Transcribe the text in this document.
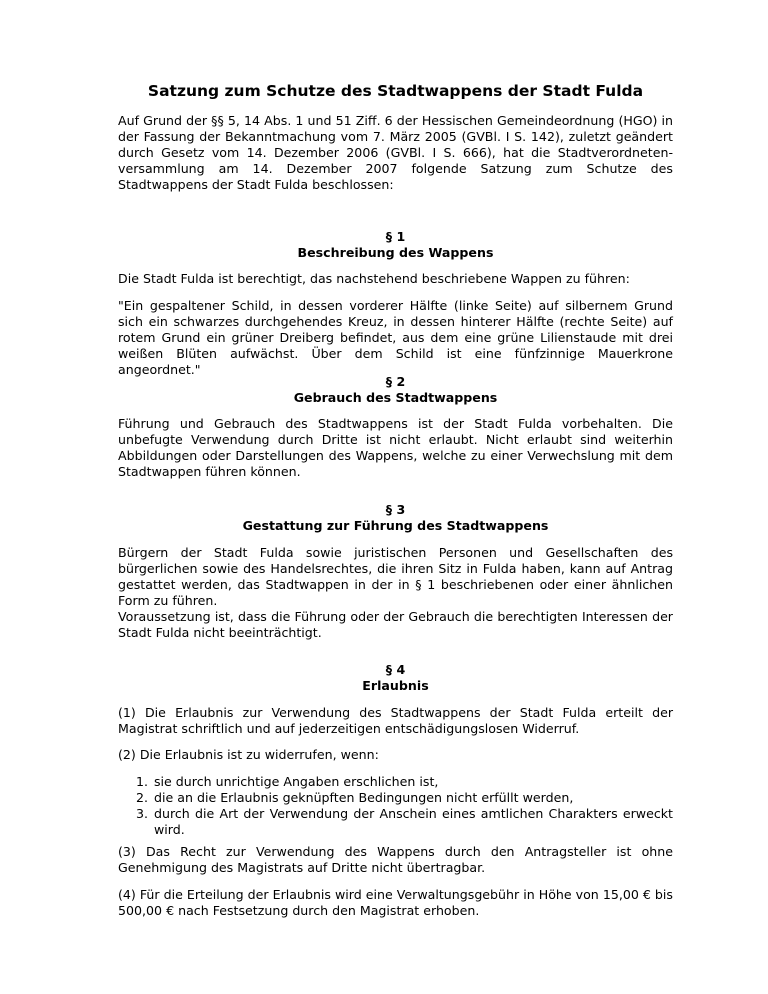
Satzung zum Schutze des Stadtwappens der Stadt Fulda

Auf Grund der §§ 5, 14 Abs. 1 und 51 Ziff. 6 der Hessischen Gemeindeordnung (HGO) in der Fassung der Bekanntmachung vom 7. März 2005 (GVBl. I S. 142), zuletzt geändert durch Gesetz vom 14. Dezember 2006 (GVBl. I S. 666), hat die Stadtverordnetenversammlung am 14. Dezember 2007 folgende Satzung zum Schutze des Stadtwappens der Stadt Fulda beschlossen:

§ 1
Beschreibung des Wappens

Die Stadt Fulda ist berechtigt, das nachstehend beschriebene Wappen zu führen:

"Ein gespaltener Schild, in dessen vorderer Hälfte (linke Seite) auf silbernem Grund sich ein schwarzes durchgehendes Kreuz, in dessen hinterer Hälfte (rechte Seite) auf rotem Grund ein grüner Dreiberg befindet, aus dem eine grüne Lilienstaude mit drei weißen Blüten aufwächst. Über dem Schild ist eine fünfzinnige Mauerkrone angeordnet."

§ 2
Gebrauch des Stadtwappens

Führung und Gebrauch des Stadtwappens ist der Stadt Fulda vorbehalten. Die unbefugte Verwendung durch Dritte ist nicht erlaubt. Nicht erlaubt sind weiterhin Abbildungen oder Darstellungen des Wappens, welche zu einer Verwechslung mit dem Stadtwappen führen können.

§ 3
Gestattung zur Führung des Stadtwappens

Bürgern der Stadt Fulda sowie juristischen Personen und Gesellschaften des bürgerlichen sowie des Handelsrechtes, die ihren Sitz in Fulda haben, kann auf Antrag gestattet werden, das Stadtwappen in der in § 1 beschriebenen oder einer ähnlichen Form zu führen.

Voraussetzung ist, dass die Führung oder der Gebrauch die berechtigten Interessen der Stadt Fulda nicht beeinträchtigt.

§ 4
Erlaubnis

(1) Die Erlaubnis zur Verwendung des Stadtwappens der Stadt Fulda erteilt der Magistrat schriftlich und auf jederzeitigen entschädigungslosen Widerruf.

(2) Die Erlaubnis ist zu widerrufen, wenn:

1. sie durch unrichtige Angaben erschlichen ist,
2. die an die Erlaubnis geknüpften Bedingungen nicht erfüllt werden,
3. durch die Art der Verwendung der Anschein eines amtlichen Charakters erweckt wird.

(3) Das Recht zur Verwendung des Wappens durch den Antragsteller ist ohne Genehmigung des Magistrats auf Dritte nicht übertragbar.

(4) Für die Erteilung der Erlaubnis wird eine Verwaltungsgebühr in Höhe von 15,00 € bis 500,00 € nach Festsetzung durch den Magistrat erhoben.
